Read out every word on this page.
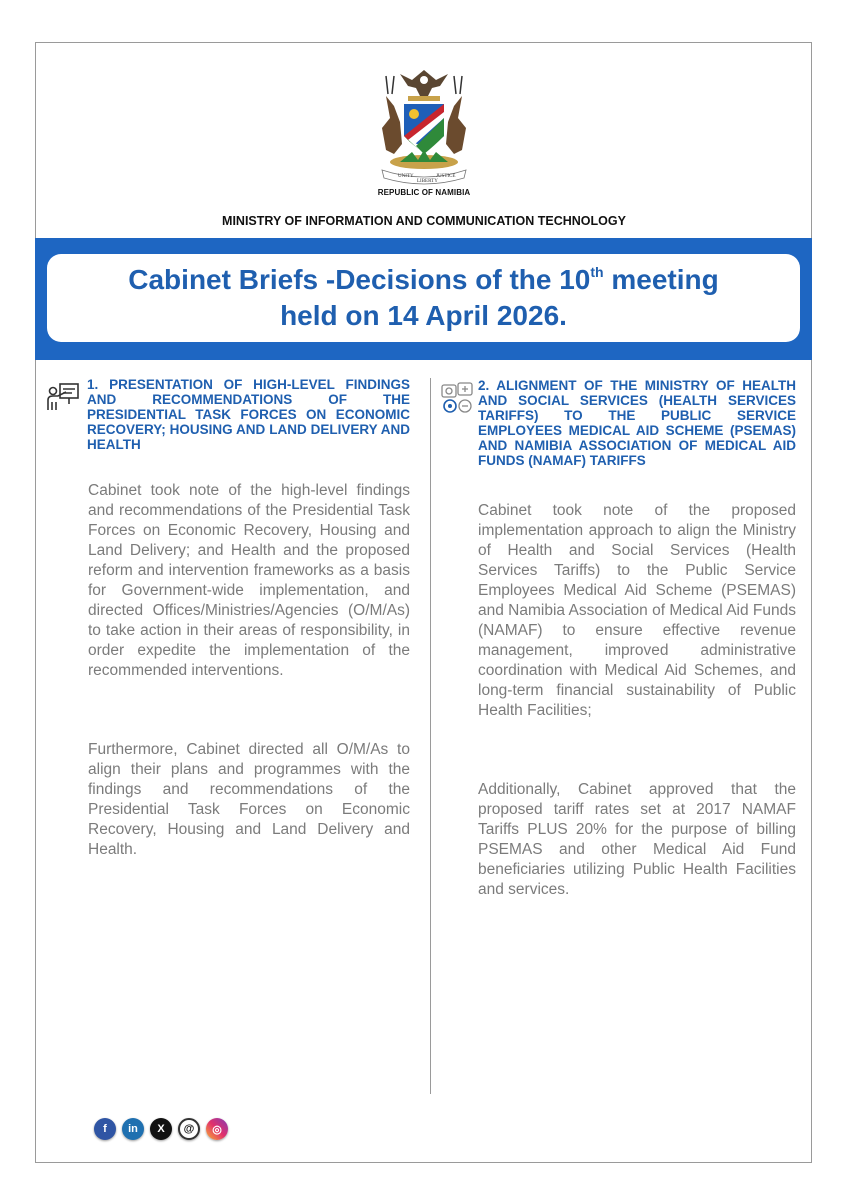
UNITY
LIBERTY
JUSTICE
REPUBLIC OF NAMIBIA
MINISTRY OF INFORMATION AND COMMUNICATION TECHNOLOGY
Cabinet Briefs -Decisions of the 10th meeting
held on 14 April 2026.
1. PRESENTATION OF HIGH-LEVEL FINDINGS AND RECOMMENDATIONS OF THE PRESIDENTIAL TASK FORCES ON ECONOMIC RECOVERY; HOUSING AND LAND DELIVERY AND HEALTH

Cabinet took note of the high-level findings and recommendations of the Presidential Task Forces on Economic Recovery, Housing and Land Delivery; and Health and the proposed reform and intervention frameworks as a basis for Government-wide implementation, and directed Offices/Ministries/Agencies (O/M/As) to take action in their areas of responsibility, in order expedite the implementation of the recommended interventions.

Furthermore, Cabinet directed all O/M/As to align their plans and programmes with the findings and recommendations of the Presidential Task Forces on Economic Recovery, Housing and Land Delivery and Health.

2. ALIGNMENT OF THE MINISTRY OF HEALTH AND SOCIAL SERVICES (HEALTH SERVICES TARIFFS) TO THE PUBLIC SERVICE EMPLOYEES MEDICAL AID SCHEME (PSEMAS) AND NAMIBIA ASSOCIATION OF MEDICAL AID FUNDS (NAMAF) TARIFFS

Cabinet took note of the proposed implementation approach to align the Ministry of Health and Social Services (Health Services Tariffs) to the Public Service Employees Medical Aid Scheme (PSEMAS) and Namibia Association of Medical Aid Funds (NAMAF) to ensure effective revenue management, improved administrative coordination with Medical Aid Schemes, and long-term financial sustainability of Public Health Facilities;

Additionally, Cabinet approved that the proposed tariff rates set at 2017 NAMAF Tariffs PLUS 20% for the purpose of billing PSEMAS and other Medical Aid Fund beneficiaries utilizing Public Health Facilities and services.

f	in	X	@	◎
